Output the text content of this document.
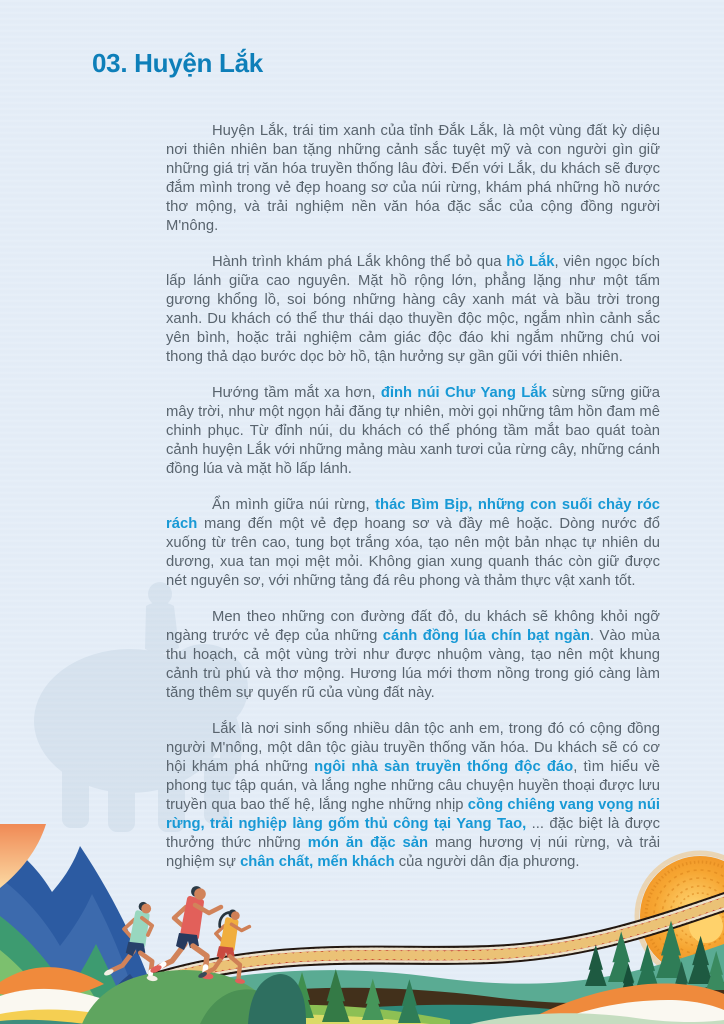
03. Huyện Lắk

Huyện Lắk, trái tim xanh của tỉnh Đắk Lắk, là một vùng đất kỳ diệu nơi thiên nhiên ban tặng những cảnh sắc tuyệt mỹ và con người gìn giữ những giá trị văn hóa truyền thống lâu đời. Đến với Lắk, du khách sẽ được đắm mình trong vẻ đẹp hoang sơ của núi rừng, khám phá những hồ nước thơ mộng, và trải nghiệm nền văn hóa đặc sắc của cộng đồng người M'nông.

Hành trình khám phá Lắk không thể bỏ qua hồ Lắk, viên ngọc bích lấp lánh giữa cao nguyên. Mặt hồ rộng lớn, phẳng lặng như một tấm gương khổng lồ, soi bóng những hàng cây xanh mát và bầu trời trong xanh. Du khách có thể thư thái dạo thuyền độc mộc, ngắm nhìn cảnh sắc yên bình, hoặc trải nghiệm cảm giác độc đáo khi ngắm những chú voi thong thả dạo bước dọc bờ hồ, tận hưởng sự gần gũi với thiên nhiên.

Hướng tầm mắt xa hơn, đỉnh núi Chư Yang Lắk sừng sững giữa mây trời, như một ngọn hải đăng tự nhiên, mời gọi những tâm hồn đam mê chinh phục. Từ đỉnh núi, du khách có thể phóng tầm mắt bao quát toàn cảnh huyện Lắk với những mảng màu xanh tươi của rừng cây, những cánh đồng lúa và mặt hồ lấp lánh.

Ẩn mình giữa núi rừng, thác Bìm Bịp, những con suối chảy róc rách mang đến một vẻ đẹp hoang sơ và đầy mê hoặc. Dòng nước đổ xuống từ trên cao, tung bọt trắng xóa, tạo nên một bản nhạc tự nhiên du dương, xua tan mọi mệt mỏi. Không gian xung quanh thác còn giữ được nét nguyên sơ, với những tảng đá rêu phong và thảm thực vật xanh tốt.

Men theo những con đường đất đỏ, du khách sẽ không khỏi ngỡ ngàng trước vẻ đẹp của những cánh đồng lúa chín bạt ngàn. Vào mùa thu hoạch, cả một vùng trời như được nhuộm vàng, tạo nên một khung cảnh trù phú và thơ mộng. Hương lúa mới thơm nồng trong gió càng làm tăng thêm sự quyến rũ của vùng đất này.

Lắk là nơi sinh sống nhiều dân tộc anh em, trong đó có cộng đồng người M'nông, một dân tộc giàu truyền thống văn hóa. Du khách sẽ có cơ hội khám phá những ngôi nhà sàn truyền thống độc đáo, tìm hiểu về phong tục tập quán, và lắng nghe những câu chuyện huyền thoại được lưu truyền qua bao thế hệ, lắng nghe những nhịp cồng chiêng vang vọng núi rừng, trải nghiệp làng gốm thủ công tại Yang Tao, ... đặc biệt là được thưởng thức những món ăn đặc sản mang hương vị núi rừng, và trải nghiệm sự chân chất, mến khách của người dân địa phương.
